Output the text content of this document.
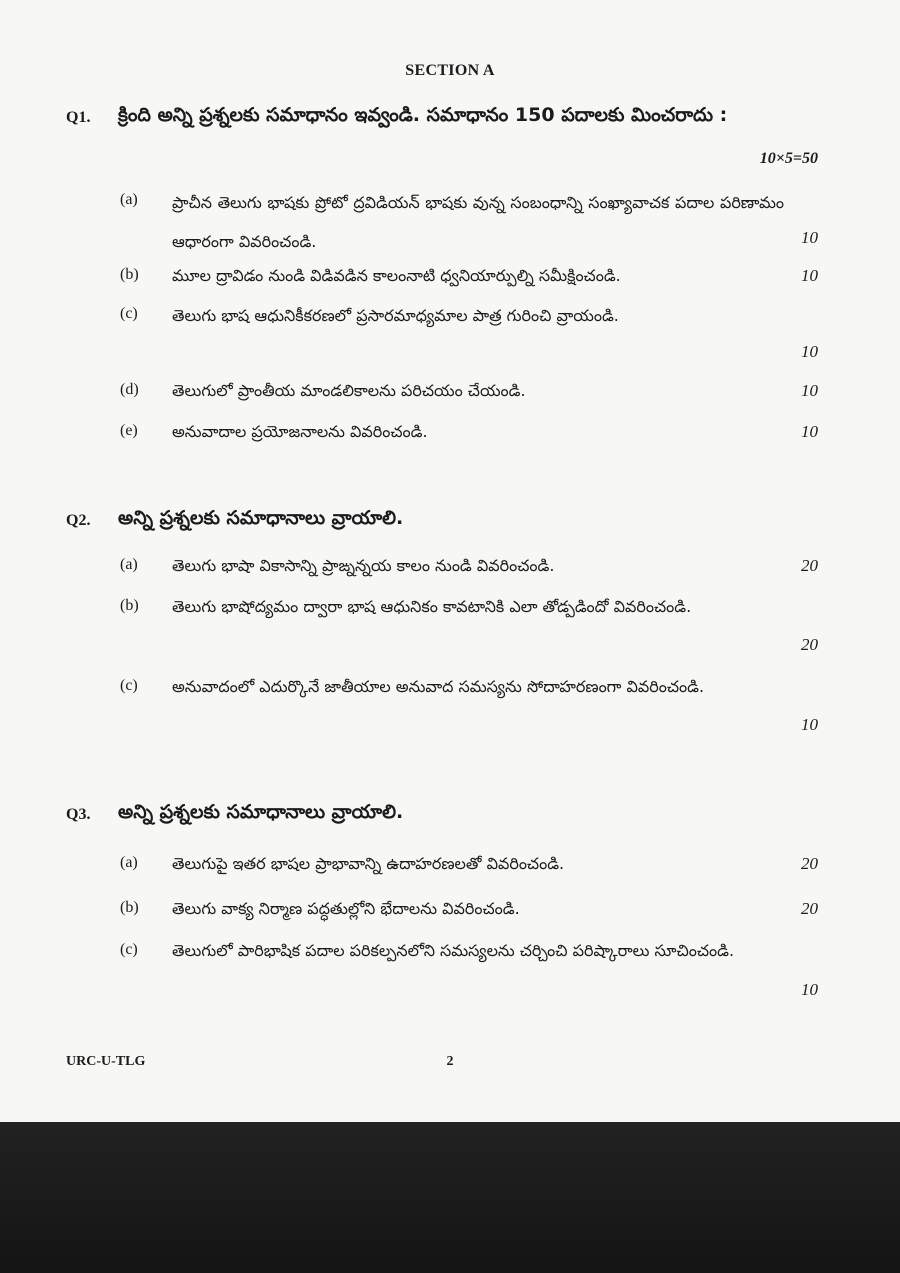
SECTION A
Q1. క్రింది అన్ని ప్రశ్నలకు సమాధానం ఇవ్వండి. సమాధానం 150 పదాలకు మించరాదు :
10×5=50
(a) ప్రాచీన తెలుగు భాషకు ప్రోటో ద్రవిడియన్ భాషకు వున్న సంబంధాన్ని సంఖ్యావాచక పదాల పరిణామం ఆధారంగా వివరించండి.	10
(b) మూల ద్రావిడం నుండి విడివడిన కాలంనాటి ధ్వనియార్పుల్ని సమీక్షించండి.	10
(c) తెలుగు భాష ఆధునికీకరణలో ప్రసారమాధ్యమాల పాత్ర గురించి వ్రాయండి.
10
(d) తెలుగులో ప్రాంతీయ మాండలికాలను పరిచయం చేయండి.	10
(e) అనువాదాల ప్రయోజనాలను వివరించండి.	10
Q2. అన్ని ప్రశ్నలకు సమాధానాలు వ్రాయాలి.
(a) తెలుగు భాషా వికాసాన్ని ప్రాఙ్నన్నయ కాలం నుండి వివరించండి.	20
(b) తెలుగు భాషోద్యమం ద్వారా భాష ఆధునికం కావటానికి ఎలా తోడ్పడిందో వివరించండి.
20
(c) అనువాదంలో ఎదుర్కొనే జాతీయాల అనువాద సమస్యను సోదాహరణంగా వివరించండి.
10
Q3. అన్ని ప్రశ్నలకు సమాధానాలు వ్రాయాలి.
(a) తెలుగుపై ఇతర భాషల ప్రాభావాన్ని ఉదాహరణలతో వివరించండి.	20
(b) తెలుగు వాక్య నిర్మాణ పద్ధతుల్లోని భేదాలను వివరించండి.	20
(c) తెలుగులో పారిభాషిక పదాల పరికల్పనలోని సమస్యలను చర్చించి పరిష్కారాలు సూచించండి.
10
URC-U-TLG	2
